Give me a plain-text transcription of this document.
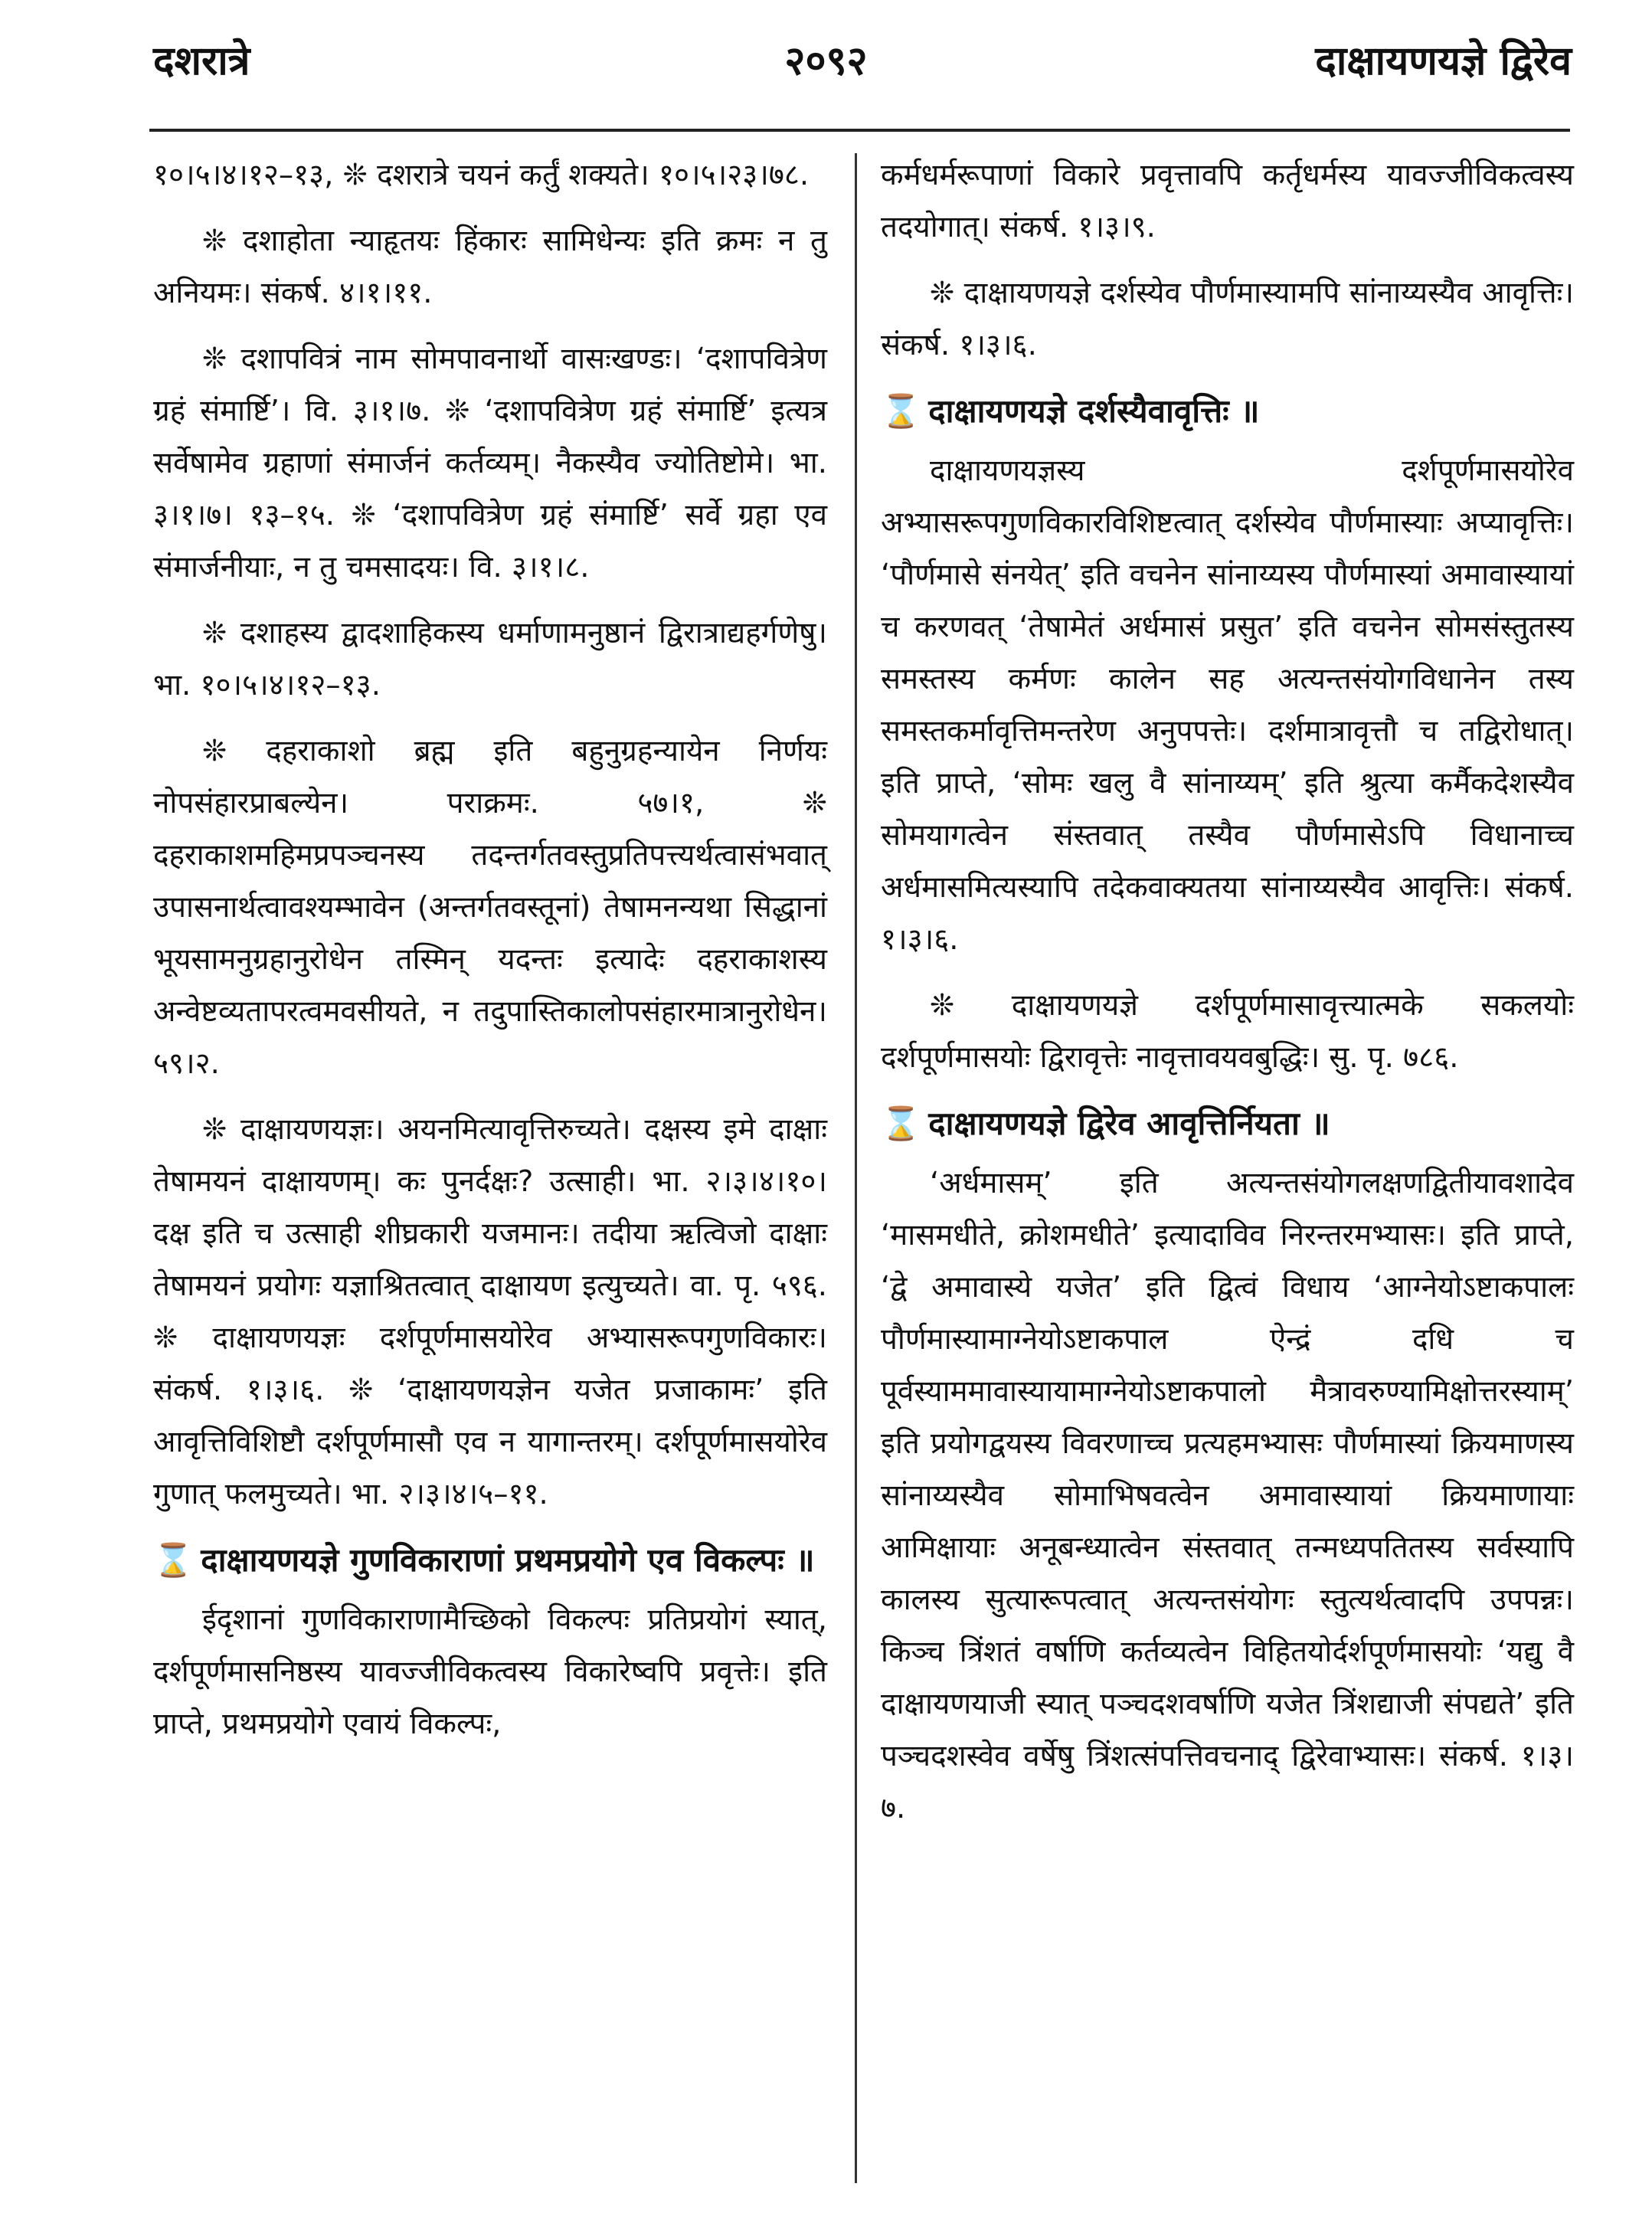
दशरात्रे	२०९२	दाक्षायणयज्ञे द्विरेव

१०।५।४।१२–१३, ❊ दशरात्रे चयनं कर्तुं शक्यते। १०।५।२३।७८.

❊ दशाहोता न्याहृतयः हिंकारः सामिधेन्यः इति क्रमः न तु अनियमः। संकर्ष. ४।१।११.

❊ दशापवित्रं नाम सोमपावनार्थो वासःखण्डः। ‘दशापवित्रेण ग्रहं संमार्ष्टि’। वि. ३।१।७. ❊ ‘दशापवित्रेण ग्रहं संमार्ष्टि’ इत्यत्र सर्वेषामेव ग्रहाणां संमार्जनं कर्तव्यम्। नैकस्यैव ज्योतिष्टोमे। भा. ३।१।७। १३–१५. ❊ ‘दशापवित्रेण ग्रहं संमार्ष्टि’ सर्वे ग्रहा एव संमार्जनीयाः, न तु चमसादयः। वि. ३।१।८.

❊ दशाहस्य द्वादशाहिकस्य धर्माणामनुष्ठानं द्विरात्राद्यहर्गणेषु। भा. १०।५।४।१२–१३.

❊ दहराकाशो ब्रह्म इति बहुनुग्रहन्यायेन निर्णयः नोपसंहारप्राबल्येन। पराक्रमः. ५७।१, ❊ दहराकाशमहिमप्रपञ्चनस्य तदन्तर्गतवस्तुप्रतिपत्त्यर्थत्वासंभवात् उपासनार्थत्वावश्यम्भावेन (अन्तर्गतवस्तूनां) तेषामनन्यथा सिद्धानां भूयसामनुग्रहानुरोधेन तस्मिन् यदन्तः इत्यादेः दहराकाशस्य अन्वेष्टव्यतापरत्वमवसीयते, न तदुपास्तिकालोपसंहारमात्रानुरोधेन। ५९।२.

❊ दाक्षायणयज्ञः। अयनमित्यावृत्तिरुच्यते। दक्षस्य इमे दाक्षाः तेषामयनं दाक्षायणम्। कः पुनर्दक्षः? उत्साही। भा. २।३।४।१०। दक्ष इति च उत्साही शीघ्रकारी यजमानः। तदीया ऋत्विजो दाक्षाः तेषामयनं प्रयोगः यज्ञाश्रितत्वात् दाक्षायण इत्युच्यते। वा. पृ. ५९६. ❊ दाक्षायणयज्ञः दर्शपूर्णमासयोरेव अभ्यासरूपगुणविकारः। संकर्ष. १।३।६. ❊ ‘दाक्षायणयज्ञेन यजेत प्रजाकामः’ इति आवृत्तिविशिष्टौ दर्शपूर्णमासौ एव न यागान्तरम्। दर्शपूर्णमासयोरेव गुणात् फलमुच्यते। भा. २।३।४।५–११.

⌛ दाक्षायणयज्ञे गुणविकाराणां प्रथमप्रयोगे एव विकल्पः ॥

ईदृशानां गुणविकाराणामैच्छिको विकल्पः प्रतिप्रयोगं स्यात्, दर्शपूर्णमासनिष्ठस्य यावज्जीविकत्वस्य विकारेष्वपि प्रवृत्तेः। इति प्राप्ते, प्रथमप्रयोगे एवायं विकल्पः,

कर्मधर्मरूपाणां विकारे प्रवृत्तावपि कर्तृधर्मस्य यावज्जीविकत्वस्य तदयोगात्। संकर्ष. १।३।९.

❊ दाक्षायणयज्ञे दर्शस्येव पौर्णमास्यामपि सांनाय्यस्यैव आवृत्तिः। संकर्ष. १।३।६.

⌛ दाक्षायणयज्ञे दर्शस्यैवावृत्तिः ॥

दाक्षायणयज्ञस्य दर्शपूर्णमासयोरेव अभ्यासरूपगुणविकारविशिष्टत्वात् दर्शस्येव पौर्णमास्याः अप्यावृत्तिः। ‘पौर्णमासे संनयेत्’ इति वचनेन सांनाय्यस्य पौर्णमास्यां अमावास्यायां च करणवत् ‘तेषामेतं अर्धमासं प्रसुत’ इति वचनेन सोमसंस्तुतस्य समस्तस्य कर्मणः कालेन सह अत्यन्तसंयोगविधानेन तस्य समस्तकर्मावृत्तिमन्तरेण अनुपपत्तेः। दर्शमात्रावृत्तौ च तद्विरोधात्। इति प्राप्ते, ‘सोमः खलु वै सांनाय्यम्’ इति श्रुत्या कर्मैकदेशस्यैव सोमयागत्वेन संस्तवात् तस्यैव पौर्णमासेऽपि विधानाच्च अर्धमासमित्यस्यापि तदेकवाक्यतया सांनाय्यस्यैव आवृत्तिः। संकर्ष. १।३।६.

❊ दाक्षायणयज्ञे दर्शपूर्णमासावृत्त्यात्मके सकलयोः दर्शपूर्णमासयोः द्विरावृत्तेः नावृत्तावयवबुद्धिः। सु. पृ. ७८६.

⌛ दाक्षायणयज्ञे द्विरेव आवृत्तिर्नियता ॥

‘अर्धमासम्’ इति अत्यन्तसंयोगलक्षणद्वितीयावशादेव ‘मासमधीते, क्रोशमधीते’ इत्यादाविव निरन्तरमभ्यासः। इति प्राप्ते, ‘द्वे अमावास्ये यजेत’ इति द्वित्वं विधाय ‘आग्नेयोऽष्टाकपालः पौर्णमास्यामाग्नेयोऽष्टाकपाल ऐन्द्रं दधि च पूर्वस्याममावास्यायामाग्नेयोऽष्टाकपालो मैत्रावरुण्यामिक्षोत्तरस्याम्’ इति प्रयोगद्वयस्य विवरणाच्च प्रत्यहमभ्यासः पौर्णमास्यां क्रियमाणस्य सांनाय्यस्यैव सोमाभिषवत्वेन अमावास्यायां क्रियमाणायाः आमिक्षायाः अनूबन्ध्यात्वेन संस्तवात् तन्मध्यपतितस्य सर्वस्यापि कालस्य सुत्यारूपत्वात् अत्यन्तसंयोगः स्तुत्यर्थत्वादपि उपपन्नः। किञ्च त्रिंशतं वर्षाणि कर्तव्यत्वेन विहितयोर्दर्शपूर्णमासयोः ‘यद्यु वै दाक्षायणयाजी स्यात् पञ्चदशवर्षाणि यजेत त्रिंशद्याजी संपद्यते’ इति पञ्चदशस्वेव वर्षेषु त्रिंशत्संपत्तिवचनाद् द्विरेवाभ्यासः। संकर्ष. १।३।७.
